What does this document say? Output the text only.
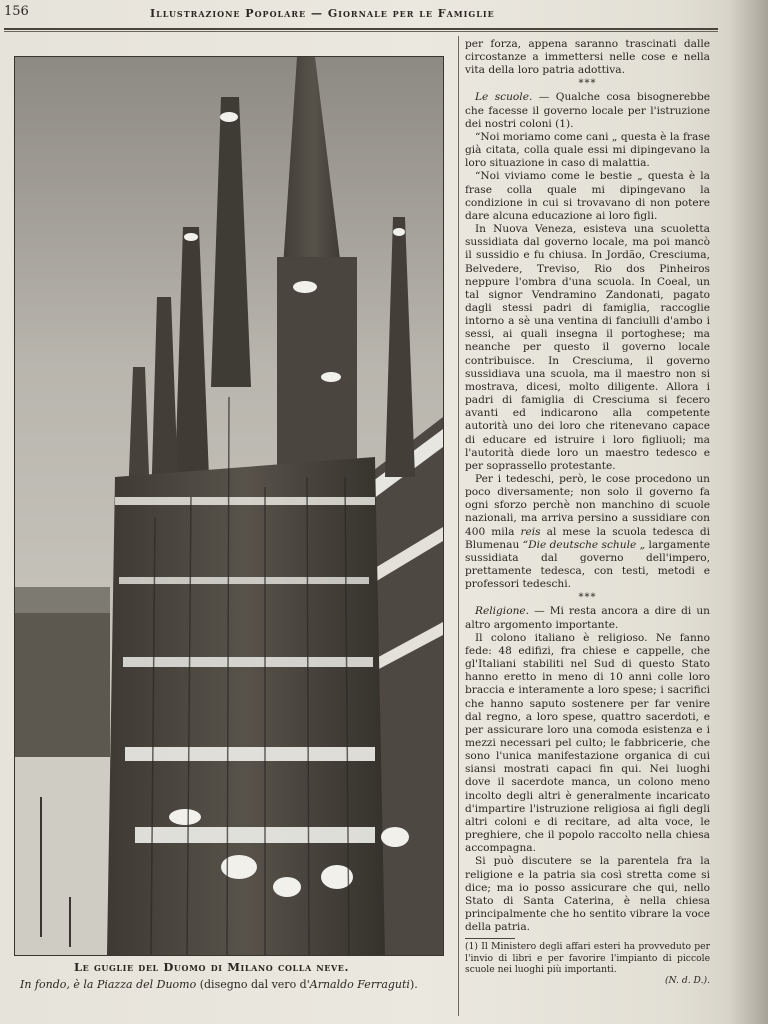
156	Illustrazione Popolare — Giornale per le Famiglie
Le guglie del Duomo di Milano colla neve.
In fondo, è la Piazza del Duomo (disegno dal vero d'Arnaldo Ferraguti).

per forza, appena saranno trascinati dalle circostanze a immettersi nelle cose e nella vita della loro patria adottiva.

***

Le scuole. — Qualche cosa bisognerebbe che facesse il governo locale per l'istruzione dei nostri coloni (1).

“Noi moriamo come cani „ questa è la frase già citata, colla quale essi mi dipingevano la loro situazione in caso di malattia.

“Noi viviamo come le bestie „ questa è la frase colla quale mi dipingevano la condizione in cui si trovavano di non potere dare alcuna educazione ai loro figli.

In Nuova Veneza, esisteva una scuoletta sussidiata dal governo locale, ma poi mancò il sussidio e fu chiusa. In Jordão, Cresciuma, Belvedere, Treviso, Rio dos Pinheiros neppure l'ombra d'una scuola. In Coeal, un tal signor Vendramino Zandonati, pagato dagli stessi padri di famiglia, raccoglie intorno a sè una ventina di fanciulli d'ambo i sessi, ai quali insegna il portoghese; ma neanche per questo il governo locale contribuisce. In Cresciuma, il governo sussidiava una scuola, ma il maestro non si mostrava, dicesi, molto diligente. Allora i padri di famiglia di Cresciuma si fecero avanti ed indicarono alla competente autorità uno dei loro che ritenevano capace di educare ed istruire i loro figliuoli; ma l'autorità diede loro un maestro tedesco e per soprassello protestante.

Per i tedeschi, però, le cose procedono un poco diversamente; non solo il governo fa ogni sforzo perchè non manchino di scuole nazionali, ma arriva persino a sussidiare con 400 mila reis al mese la scuola tedesca di Blumenau “Die deutsche schule „ largamente sussidiata dal governo dell'impero, prettamente tedesca, con testi, metodi e professori tedeschi.

***

Religione. — Mi resta ancora a dire di un altro argomento importante.

Il colono italiano è religioso. Ne fanno fede: 48 edifizi, fra chiese e cappelle, che gl'Italiani stabiliti nel Sud di questo Stato hanno eretto in meno di 10 anni colle loro braccia e interamente a loro spese; i sacrifici che hanno saputo sostenere per far venire dal regno, a loro spese, quattro sacerdoti, e per assicurare loro una comoda esistenza e i mezzi necessari pel culto; le fabbricerie, che sono l'unica manifestazione organica di cui siansi mostrati capaci fin qui. Nei luoghi dove il sacerdote manca, un colono meno incolto degli altri è generalmente incaricato d'impartire l'istruzione religiosa ai figli degli altri coloni e di recitare, ad alta voce, le preghiere, che il popolo raccolto nella chiesa accompagna.

Si può discutere se la parentela fra la religione e la patria sia così stretta come si dice; ma io posso assicurare che qui, nello Stato di Santa Caterina, è nella chiesa principalmente che ho sentito vibrare la voce della patria.

(1) Il Ministero degli affari esteri ha provveduto per l'invio di libri e per favorire l'impianto di piccole scuole nei luoghi più importanti.
(N. d. D.).
